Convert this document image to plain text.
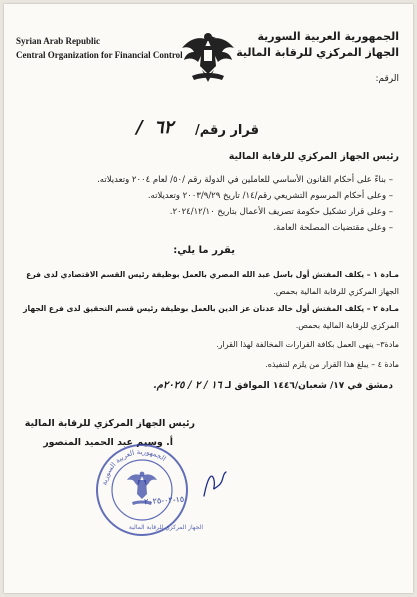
Syrian Arab Republic
Central Organization for Financial Control
الجمهورية العربية السورية
الجهاز المركزي للرقابة المالية
الرقم:
قرار رقم/
٦٢
/
رئيس الجهاز المركزي للرقابة المالية
– بناءً على أحكام القانون الأساسي للعاملين في الدولة رقم /٥٠/ لعام ٢٠٠٤ وتعديلاته.
– وعلى أحكام المرسوم التشريعي رقم/١٤/ تاريخ ٢٠٠٣/٩/٢٩ وتعديلاته.
– وعلى قرار تشكيل حكومة تصريف الأعمال بتاريخ ٢٠٢٤/١٢/١٠.
– وعلى مقتضيات المصلحة العامة.
يقرر ما يلي:
مـادة ١ – يكلف المفتش أول باسل عبد الله المصري بالعمل بوظيفة رئيس القسم الاقتصادي لدى فرع
الجهاز المركزي للرقابة المالية بحمص.
مـادة ٢ – يكلف المفتش أول خالد عدنان عز الدين بالعمل بوظيفة رئيس قسم التحقيق لدى فرع الجهاز
المركزي للرقابة المالية بحمص.
مادة٣– ينهى العمل بكافة القرارات المخالفة لهذا القرار.
مادة ٤ – يبلغ هذا القرار من يلزم لتنفيذه.
دمشق في ١٧/ شعبان/١٤٤٦ الموافق لـ ١٦ / ٢ / ٢٠٢٥م.
رئيس الجهاز المركزي للرقابة المالية
أ. وسيم عبد الحميد المنصور
الجمهورية العربية السورية
الجهاز المركزي للرقابة المالية
١٥-٠٢-٢٠٢٥
